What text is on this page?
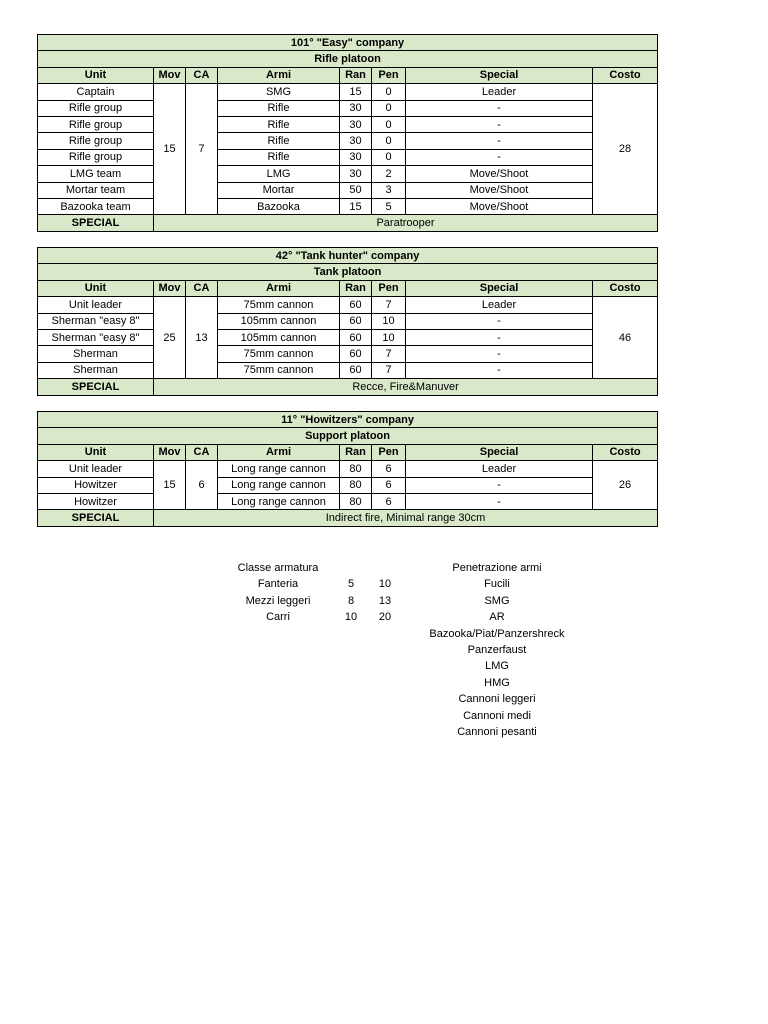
101° "Easy" company							
Rifle platoon							
Unit	Mov	CA	Armi	Ran	Pen	Special	Costo
Captain	15	7	SMG	15	0	Leader	28
Rifle group			Rifle	30	0	-	
Rifle group			Rifle	30	0	-	
Rifle group			Rifle	30	0	-	
Rifle group			Rifle	30	0	-	
LMG team			LMG	30	2	Move/Shoot	
Mortar team			Mortar	50	3	Move/Shoot	
Bazooka team			Bazooka	15	5	Move/Shoot	
SPECIAL	Paratrooper						
42° "Tank hunter" company							
Tank platoon							
Unit	Mov	CA	Armi	Ran	Pen	Special	Costo
Unit leader	25	13	75mm cannon	60	7	Leader	46
Sherman "easy 8"			105mm cannon	60	10	-	
Sherman "easy 8"			105mm cannon	60	10	-	
Sherman			75mm cannon	60	7	-	
Sherman			75mm cannon	60	7	-	
SPECIAL	Recce, Fire&Manuver						
11° "Howitzers" company							
Support platoon							
Unit	Mov	CA	Armi	Ran	Pen	Special	Costo
Unit leader	15	6	Long range cannon	80	6	Leader	26
Howitzer			Long range cannon	80	6	-	
Howitzer			Long range cannon	80	6	-	
SPECIAL	Indirect fire, Minimal range 30cm						
Classe armatura
Fanteria	5	10
Mezzi leggeri	8	13
Carri	10	20
Penetrazione armi
Fucili
SMG
AR
Bazooka/Piat/Panzershreck
Panzerfaust
LMG
HMG
Cannoni leggeri
Cannoni medi
Cannoni pesanti
